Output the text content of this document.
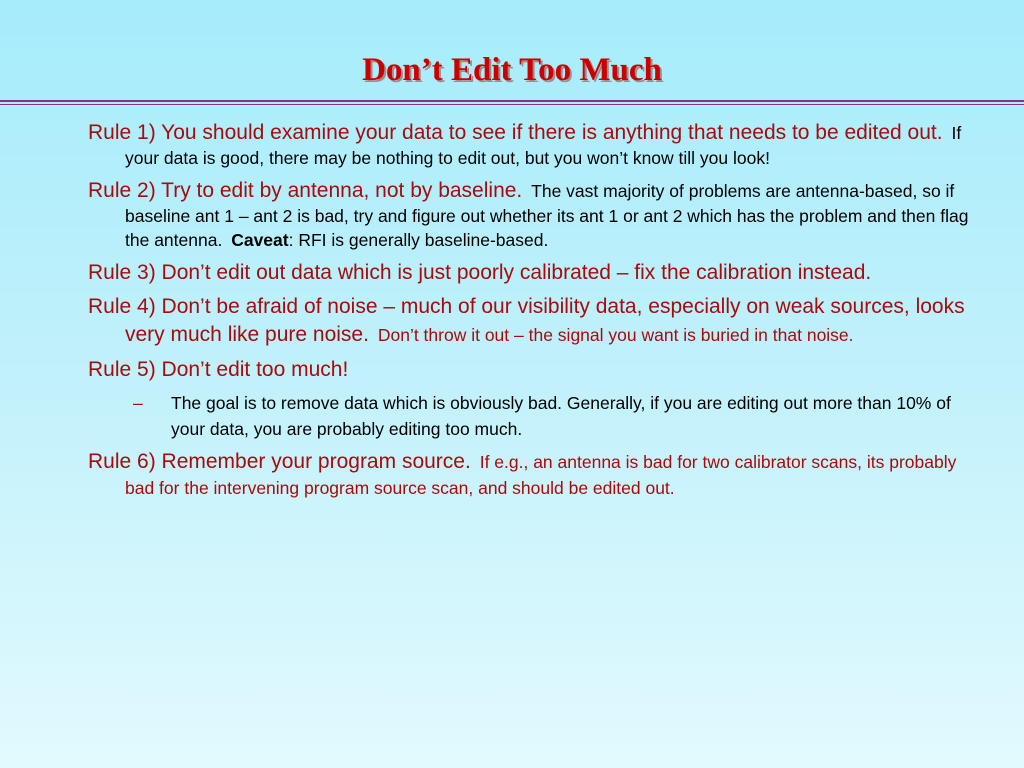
Don’t Edit Too Much

Rule 1) You should examine your data to see if there is anything that needs to be edited out. If your data is good, there may be nothing to edit out, but you won’t know till you look!

Rule 2) Try to edit by antenna, not by baseline. The vast majority of problems are antenna-based, so if baseline ant 1 – ant 2 is bad, try and figure out whether its ant 1 or ant 2 which has the problem and then flag the antenna. Caveat: RFI is generally baseline-based.

Rule 3) Don’t edit out data which is just poorly calibrated – fix the calibration instead.

Rule 4) Don’t be afraid of noise – much of our visibility data, especially on weak sources, looks very much like pure noise. Don’t throw it out – the signal you want is buried in that noise.

Rule 5) Don’t edit too much!

– The goal is to remove data which is obviously bad. Generally, if you are editing out more than 10% of your data, you are probably editing too much.

Rule 6) Remember your program source. If e.g., an antenna is bad for two calibrator scans, its probably bad for the intervening program source scan, and should be edited out.
